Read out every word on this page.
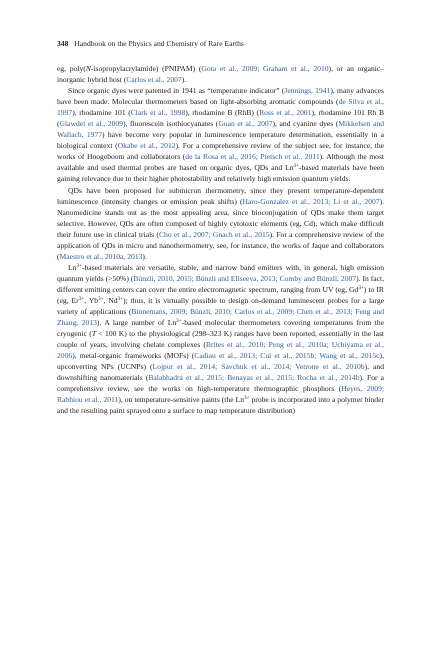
348 Handbook on the Physics and Chemistry of Rare Earths

eg, poly(N-isopropylacrylamide) (PNIPAM) (Gota et al., 2009; Graham et al., 2010), or an organic–inorganic hybrid host (Carlos et al., 2007).

Since organic dyes were patented in 1941 as “temperature indicator” (Jennings, 1941), many advances have been made. Molecular thermometers based on light-absorbing aromatic compounds (de Silva et al., 1997), rhodamine 101 (Clark et al., 1998), rhodamine B (RhB) (Ross et al., 2001), rhodamine 101 Rh B (Glawdel et al., 2009), fluorescein isothiocyanates (Guan et al., 2007), and cyanine dyes (Mikkelsen and Wallach, 1977) have become very popular in luminescence temperature determination, essentially in a biological context (Okabe et al., 2012). For a comprehensive review of the subject see, for instance, the works of Hoogeboom and collaborators (de la Rosa et al., 2016; Pietsch et al., 2011). Although the most available and used thermal probes are based on organic dyes, QDs and $Ln^{3+}$-based materials have been gaining relevance due to their higher photostability and relatively high emission quantum yields.

QDs have been proposed for submicron thermometry, since they present temperature-dependent luminescence (intensity changes or emission peak shifts) (Haro-Gonzalez et al., 2013; Li et al., 2007). Nanomedicine stands out as the most appealing area, since bioconjugation of QDs make them target selective. However, QDs are often composed of highly cytotoxic elements (eg, Cd), which make difficult their future use in clinical trials (Cho et al., 2007; Gnach et al., 2015). For a comprehensive review of the application of QDs in micro and nanothermometry, see, for instance, the works of Jaque and collaborators (Maestro et al., 2010a, 2013).

$Ln^{3+}$-based materials are versatile, stable, and narrow band emitters with, in general, high emission quantum yields (>50%) (Bünzli, 2010, 2015; Bünzli and Eliseeva, 2013; Comby and Bünzli, 2007). In fact, different emitting centers can cover the entire electromagnetic spectrum, ranging from UV (eg, $Gd^{3+}$) to IR (eg, $Er^{3+}$, $Yb^{3+}$, $Nd^{3+}$); thus, it is virtually possible to design on-demand luminescent probes for a large variety of applications (Binnemans, 2009; Bünzli, 2010; Carlos et al., 2009; Chen et al., 2013; Feng and Zhang, 2013). A large number of $Ln^{3+}$-based molecular thermometers covering temperatures from the cryogenic (T < 100 K) to the physiological (298–323 K) ranges have been reported, essentially in the last couple of years, involving chelate complexes (Brites et al., 2010; Peng et al., 2010a; Uchiyama et al., 2006), metal-organic frameworks (MOFs) (Cadiau et al., 2013; Cui et al., 2015b; Wang et al., 2015c), upconverting NPs (UCNPs) (Lojpur et al., 2014; Savchuk et al., 2014; Vetrone et al., 2010b), and downshifting nanomaterials (Balabhadra et al., 2015; Benayas et al., 2015; Rocha et al., 2014b). For a comprehensive review, see the works on high-temperature thermographic phosphors (Heyes, 2009; Rabhiou et al., 2011), on temperature-sensitive paints (the $Ln^{3+}$ probe is incorporated into a polymer binder and the resulting paint sprayed onto a surface to map temperature distribution)
